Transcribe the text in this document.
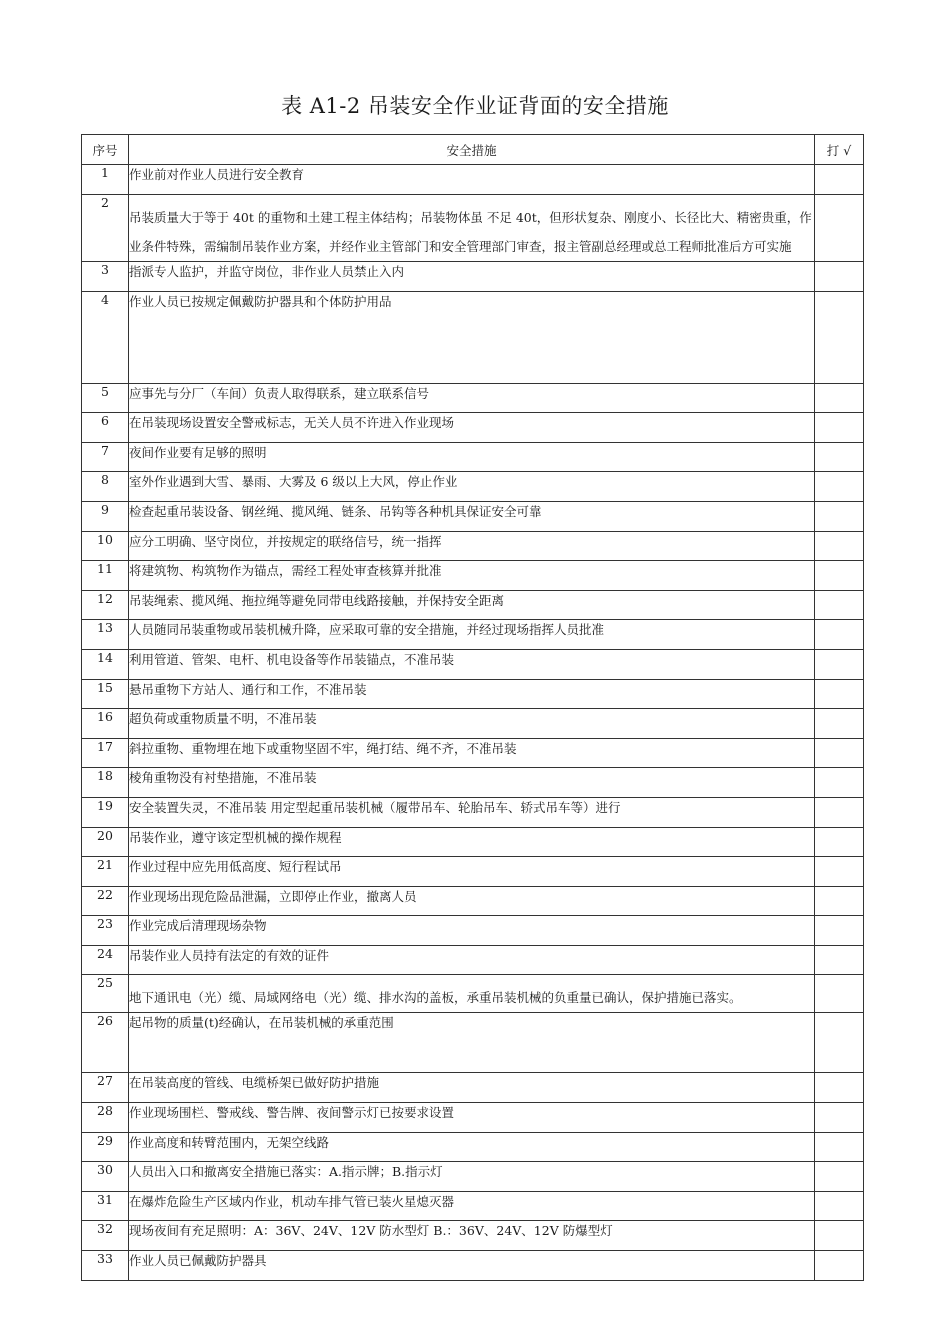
表 A1-2 吊装安全作业证背面的安全措施
序号	安全措施	打 √
1	作业前对作业人员进行安全教育	
2	吊装质量大于等于 40t 的重物和土建工程主体结构；吊装物体虽 不足 40t，但形状复杂、刚度小、长径比大、精密贵重，作业条件特殊，需编制吊装作业方案，并经作业主管部门和安全管理部门审查，报主管副总经理或总工程师批准后方可实施	
3	指派专人监护，并监守岗位，非作业人员禁止入内	
4	作业人员已按规定佩戴防护器具和个体防护用品	
5	应事先与分厂（车间）负责人取得联系，建立联系信号	
6	在吊装现场设置安全警戒标志，无关人员不许进入作业现场	
7	夜间作业要有足够的照明	
8	室外作业遇到大雪、暴雨、大雾及 6 级以上大风，停止作业	
9	检查起重吊装设备、钢丝绳、揽风绳、链条、吊钩等各种机具保证安全可靠	
10	应分工明确、坚守岗位，并按规定的联络信号，统一指挥	
11	将建筑物、构筑物作为锚点，需经工程处审查核算并批准	
12	吊装绳索、揽风绳、拖拉绳等避免同带电线路接触，并保持安全距离	
13	人员随同吊装重物或吊装机械升降，应采取可靠的安全措施，并经过现场指挥人员批准	
14	利用管道、管架、电杆、机电设备等作吊装锚点，不准吊装	
15	悬吊重物下方站人、通行和工作，不准吊装	
16	超负荷或重物质量不明，不准吊装	
17	斜拉重物、重物埋在地下或重物坚固不牢，绳打结、绳不齐，不准吊装	
18	棱角重物没有衬垫措施，不准吊装	
19	安全装置失灵，不准吊装 用定型起重吊装机械（履带吊车、轮胎吊车、轿式吊车等）进行	
20	吊装作业，遵守该定型机械的操作规程	
21	作业过程中应先用低高度、短行程试吊	
22	作业现场出现危险品泄漏，立即停止作业，撤离人员	
23	作业完成后清理现场杂物	
24	吊装作业人员持有法定的有效的证件	
25	地下通讯电（光）缆、局域网络电（光）缆、排水沟的盖板，承重吊装机械的负重量已确认，保护措施已落实。	
26	起吊物的质量(t)经确认，在吊装机械的承重范围	
27	在吊装高度的管线、电缆桥架已做好防护措施	
28	作业现场围栏、警戒线、警告牌、夜间警示灯已按要求设置	
29	作业高度和转臂范围内，无架空线路	
30	人员出入口和撤离安全措施已落实：A.指示牌；B.指示灯	
31	在爆炸危险生产区域内作业，机动车排气管已装火星熄灭器	
32	现场夜间有充足照明：A：36V、24V、12V 防水型灯 B.：36V、24V、12V 防爆型灯	
33	作业人员已佩戴防护器具	
